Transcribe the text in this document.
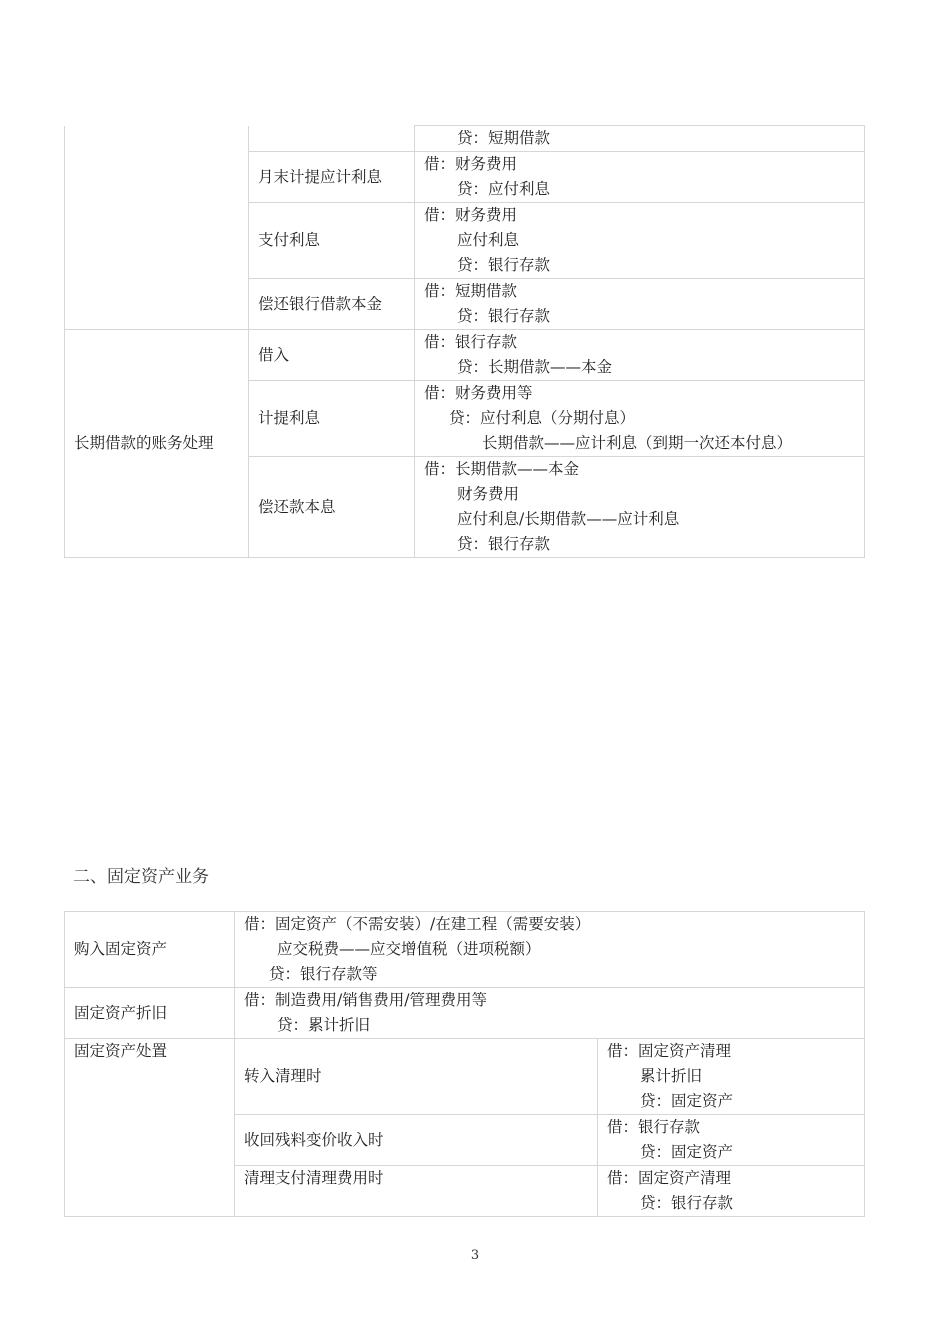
		贷：短期借款

	月末计提应计利息	借：财务费用
贷：应付利息

	支付利息	借：财务费用
应付利息
贷：银行存款

	偿还银行借款本金	借：短期借款
贷：银行存款

长期借款的账务处理	借入	借：银行存款
贷：长期借款——本金

	计提利息	借：财务费用等
贷：应付利息（分期付息）
长期借款——应计利息（到期一次还本付息）

	偿还款本息	借：长期借款——本金
财务费用
应付利息/长期借款——应计利息
贷：银行存款
二、固定资产业务
购入固定资产	借：固定资产（不需安装）/在建工程（需要安装）
应交税费——应交增值税（进项税额）
贷：银行存款等	

固定资产折旧	借：制造费用/销售费用/管理费用等
贷：累计折旧	

固定资产处置	转入清理时	借：固定资产清理
累计折旧
贷：固定资产

	收回残料变价收入时	借：银行存款
贷：固定资产

	清理支付清理费用时	借：固定资产清理
贷：银行存款
3
